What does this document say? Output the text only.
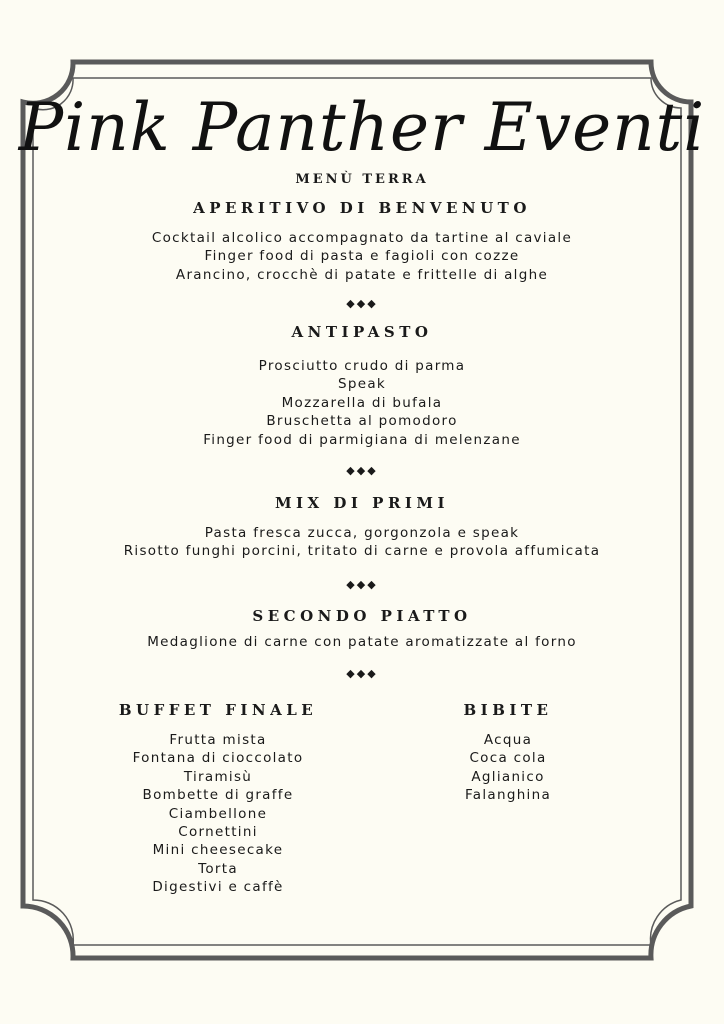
Pink Panther Eventi
MENÙ TERRA
APERITIVO DI BENVENUTO
Cocktail alcolico accompagnato da tartine al caviale
Finger food di pasta e fagioli con cozze
Arancino, crocchè di patate e frittelle di alghe
◆◆◆
ANTIPASTO
Prosciutto crudo di parma
Speak
Mozzarella di bufala
Bruschetta al pomodoro
Finger food di parmigiana di melenzane
◆◆◆
MIX DI PRIMI
Pasta fresca zucca, gorgonzola e speak
Risotto funghi porcini, tritato di carne e provola affumicata
◆◆◆
SECONDO PIATTO
Medaglione di carne con patate aromatizzate al forno
◆◆◆
BUFFET FINALE
Frutta mista
Fontana di cioccolato
Tiramisù
Bombette di graffe
Ciambellone
Cornettini
Mini cheesecake
Torta
Digestivi e caffè
BIBITE
Acqua
Coca cola
Aglianico
Falanghina
